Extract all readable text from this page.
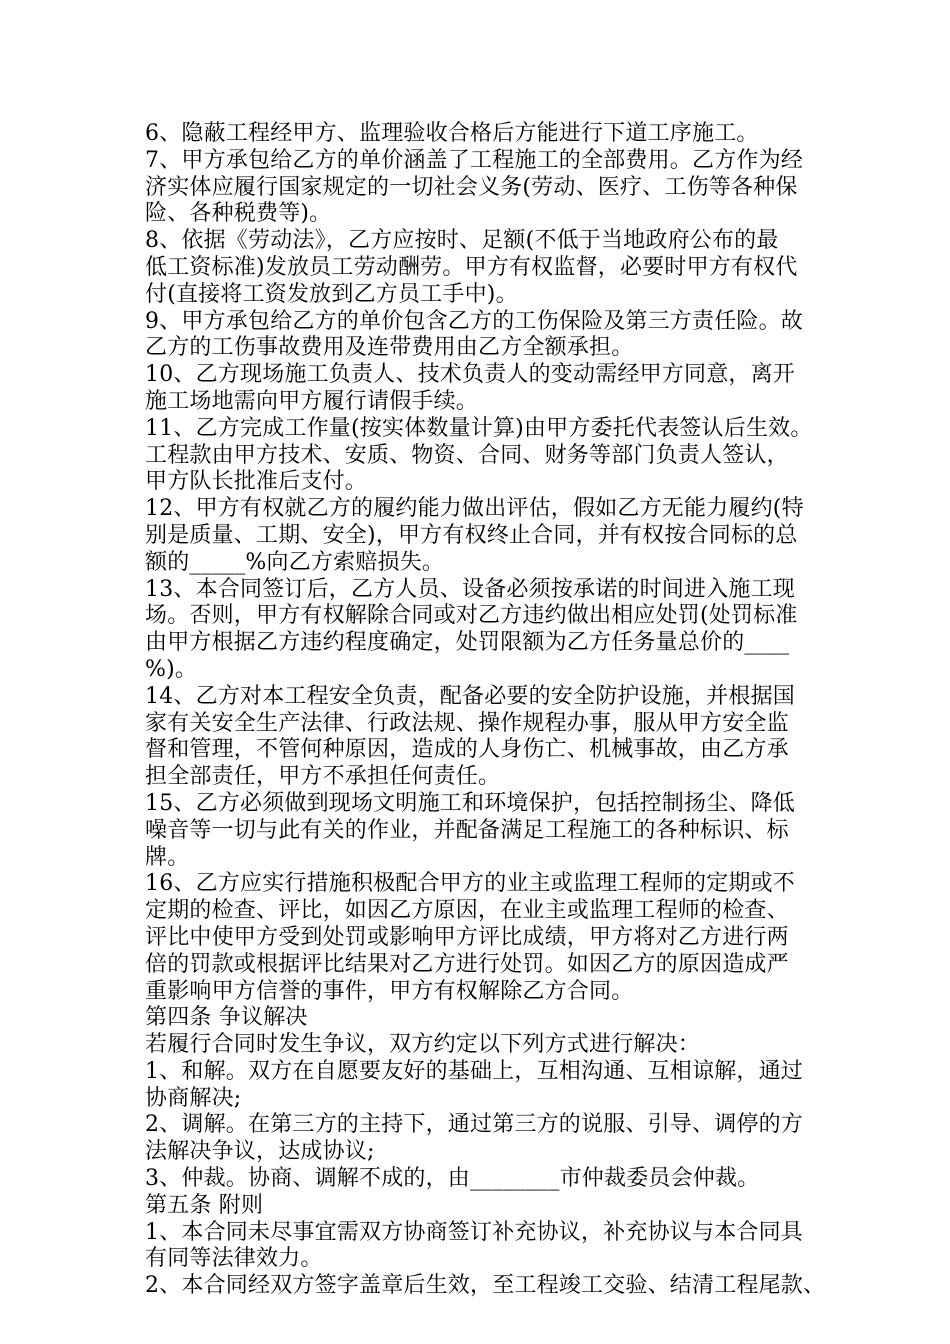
6、隐蔽工程经甲方、监理验收合格后方能进行下道工序施工。
7、甲方承包给乙方的单价涵盖了工程施工的全部费用。乙方作为经
济实体应履行国家规定的一切社会义务(劳动、医疗、工伤等各种保
险、各种税费等)。
8、依据《劳动法》，乙方应按时、足额(不低于当地政府公布的最
低工资标准)发放员工劳动酬劳。甲方有权监督，必要时甲方有权代
付(直接将工资发放到乙方员工手中)。
9、甲方承包给乙方的单价包含乙方的工伤保险及第三方责任险。故
乙方的工伤事故费用及连带费用由乙方全额承担。
10、乙方现场施工负责人、技术负责人的变动需经甲方同意，离开
施工场地需向甲方履行请假手续。
11、乙方完成工作量(按实体数量计算)由甲方委托代表签认后生效。
工程款由甲方技术、安质、物资、合同、财务等部门负责人签认，
甲方队长批准后支付。
12、甲方有权就乙方的履约能力做出评估，假如乙方无能力履约(特
别是质量、工期、安全)，甲方有权终止合同，并有权按合同标的总
额的_____%向乙方索赔损失。
13、本合同签订后，乙方人员、设备必须按承诺的时间进入施工现
场。否则，甲方有权解除合同或对乙方违约做出相应处罚(处罚标准
由甲方根据乙方违约程度确定，处罚限额为乙方任务量总价的____
%)。
14、乙方对本工程安全负责，配备必要的安全防护设施，并根据国
家有关安全生产法律、行政法规、操作规程办事，服从甲方安全监
督和管理，不管何种原因，造成的人身伤亡、机械事故，由乙方承
担全部责任，甲方不承担任何责任。
15、乙方必须做到现场文明施工和环境保护，包括控制扬尘、降低
噪音等一切与此有关的作业，并配备满足工程施工的各种标识、标
牌。
16、乙方应实行措施积极配合甲方的业主或监理工程师的定期或不
定期的检查、评比，如因乙方原因，在业主或监理工程师的检查、
评比中使甲方受到处罚或影响甲方评比成绩，甲方将对乙方进行两
倍的罚款或根据评比结果对乙方进行处罚。如因乙方的原因造成严
重影响甲方信誉的事件，甲方有权解除乙方合同。
第四条 争议解决
若履行合同时发生争议，双方约定以下列方式进行解决：
1、和解。双方在自愿要友好的基础上，互相沟通、互相谅解，通过
协商解决;
2、调解。在第三方的主持下，通过第三方的说服、引导、调停的方
法解决争议，达成协议;
3、仲裁。协商、调解不成的，由________市仲裁委员会仲裁。
第五条 附则
1、本合同未尽事宜需双方协商签订补充协议，补充协议与本合同具
有同等法律效力。
2、本合同经双方签字盖章后生效，至工程竣工交验、结清工程尾款、
